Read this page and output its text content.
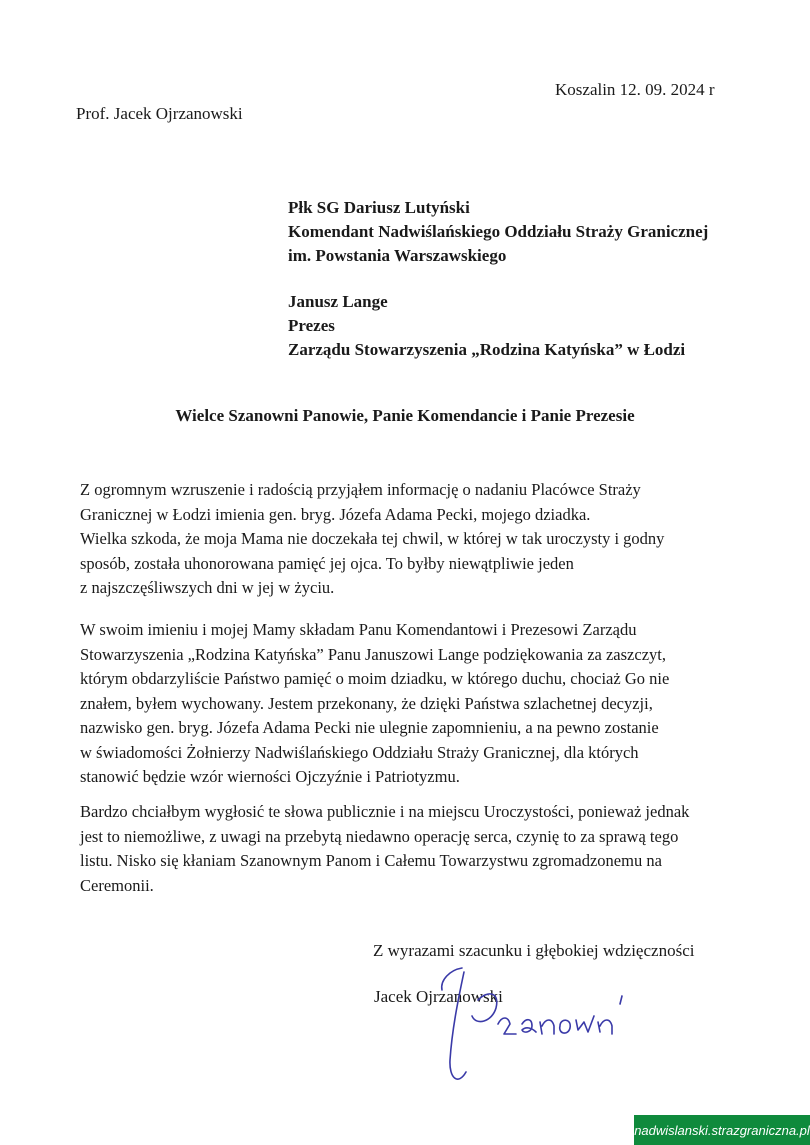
Koszalin 12. 09. 2024 r
Prof. Jacek Ojrzanowski
Płk SG Dariusz Lutyński
Komendant Nadwiślańskiego Oddziału Straży Granicznej
im. Powstania Warszawskiego
Janusz Lange
Prezes
Zarządu Stowarzyszenia „Rodzina Katyńska” w Łodzi
Wielce Szanowni Panowie, Panie Komendancie i Panie Prezesie
Z ogromnym wzruszenie i radością przyjąłem informację o nadaniu Placówce Straży
Granicznej w Łodzi imienia gen. bryg. Józefa Adama Pecki, mojego dziadka.
Wielka szkoda, że moja Mama nie doczekała tej chwil, w której w tak uroczysty i godny
sposób, została uhonorowana pamięć jej ojca. To byłby niewątpliwie jeden
z najszczęśliwszych dni w jej w życiu.
W swoim imieniu i mojej Mamy składam Panu Komendantowi i Prezesowi Zarządu
Stowarzyszenia „Rodzina Katyńska” Panu Januszowi Lange podziękowania za zaszczyt,
którym obdarzyliście Państwo pamięć o moim dziadku, w którego duchu, chociaż Go nie
znałem, byłem wychowany. Jestem przekonany, że dzięki Państwa szlachetnej decyzji,
nazwisko gen. bryg. Józefa Adama Pecki nie ulegnie zapomnieniu, a na pewno zostanie
w świadomości Żołnierzy Nadwiślańskiego Oddziału Straży Granicznej, dla których
stanowić będzie wzór wierności Ojczyźnie i Patriotyzmu.
Bardzo chciałbym wygłosić te słowa publicznie i na miejscu Uroczystości, ponieważ jednak
jest to niemożliwe, z uwagi na przebytą niedawno operację serca, czynię to za sprawą tego
listu. Nisko się kłaniam Szanownym Panom i Całemu Towarzystwu zgromadzonemu na
Ceremonii.
Z wyrazami szacunku i głębokiej wdzięczności
Jacek Ojrzanowski
nadwislanski.strazgraniczna.pl
